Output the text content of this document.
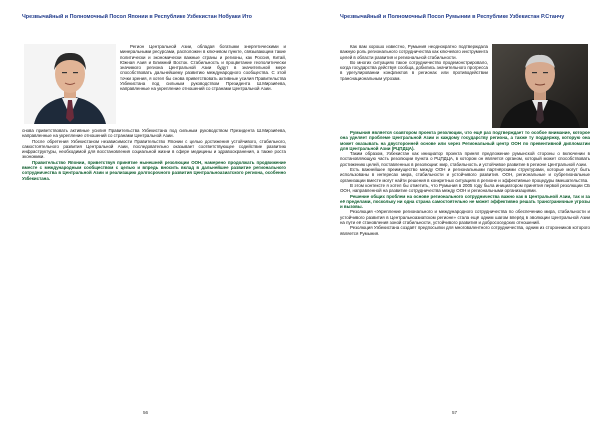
Чрезвычайный и Полномочный Посол Японии в Республике Узбекистан Нобуаки Ито

Регион Центральной Азии, обладая богатыми энергетическими и минеральными ресурсами, расположен в ключевом пункте, связывающем такие политически и экономически важные страны и регионы, как Россия, Китай, Южная Азия и Ближний Восток. Стабильность и процветание геополитически значимого региона Центральной Азии будут в значительной мере способствовать дальнейшему развитию международного сообщества. С этой точки зрения, я хотел бы снова приветствовать активные усилия Правительства Узбекистана под сильным руководством Президента Ш.Мирзиёева, направленные на укрепление отношений со странами Центральной Азии.

снова приветствовать активные усилия Правительства Узбекистана под сильным руководством Президента Ш.Мирзиёева, направленные на укрепление отношений со странами Центральной Азии.

После обретения Узбекистаном независимости Правительство Японии с целью достижения устойчивого, стабильного, самостоятельного развития Центральной Азии, последовательно оказывает соответствующее содействие развитию инфраструктуры, необходимой для восстановления социальной жизни в сфере медицины и здравоохранения, а также роста экономики.

Правительство Японии, приветствуя принятие нынешней резолюции ООН, намерено продолжать продвижение вместе с международным сообществом с целью и впредь вносить вклад в дальнейшее развитие регионального сотрудничества в Центральной Азии и реализацию долгосрочного развития Центральноазиатского региона, особенно Узбекистана.

56
Чрезвычайный и Полномочный Посол Румынии в Республике Узбекистан Р.Станчу

Как вам хорошо известно, Румыния неоднократно подтверждала важную роль регионального сотрудничества как ключевого инструмента целей в области развития и региональной стабильности.

Во многих ситуациях такое сотрудничество продемонстрировало, когда государства действуя сообща, добились значительного прогресса в урегулировании конфликтов в регионах или противодействии транснациональным угрозам.

Румыния является соавтором проекта резолюции, что ещё раз подтверждает то особое внимание, которое она уделяет проблеме Центральной Азии и каждому государству региона, а также ту поддержку, которую она может оказывать на двусторонней основе или через Региональный центр ООН по превентивной дипломатии для Центральной Азии (РЦПДЦА).

Таким образом, Узбекистан как инициатор проекта принял предложение румынской стороны о включении в постановляющую часть резолюции пункта о РЦПДЦА, в котором он является органом, который может способствовать достижению целей, поставленных в резолюции: мир, стабильность и устойчивое развитие в регионе Центральной Азии.

Есть важнейшее преимущество между ООН и региональными партнёрскими структурами, которые могут быть использованы в интересах мира, стабильности и устойчивого развития. ООН, региональные и субрегиональные организации вместе могут найти решения в конкретных ситуациях в регионе и эффективные процедуры вмешательства.

В этом контексте я хотел бы отметить, что Румыния в 2005 году была инициатором принятия первой резолюции СБ ООН, направленной на развитие сотрудничества между ООН и региональными организациями.

Решение общих проблем на основе регионального сотрудничества важно как в Центральной Азии, так и за её пределами, поскольку ни одна страна самостоятельно не может эффективно решать трансграничные угрозы и вызовы.

Резолюция «Укрепление регионального и международного сотрудничества по обеспечению мира, стабильности и устойчивого развития в Центральноазиатском регионе» стала ещё одним шагом вперёд в эволюции Центральной Азии на пути её становления зоной стабильности, устойчивого развития и добрососедских отношений.

Резолюция Узбекистана создаёт предпосылки для многовалентного сотрудничества, одним из сторонников которого является Румыния.

57
